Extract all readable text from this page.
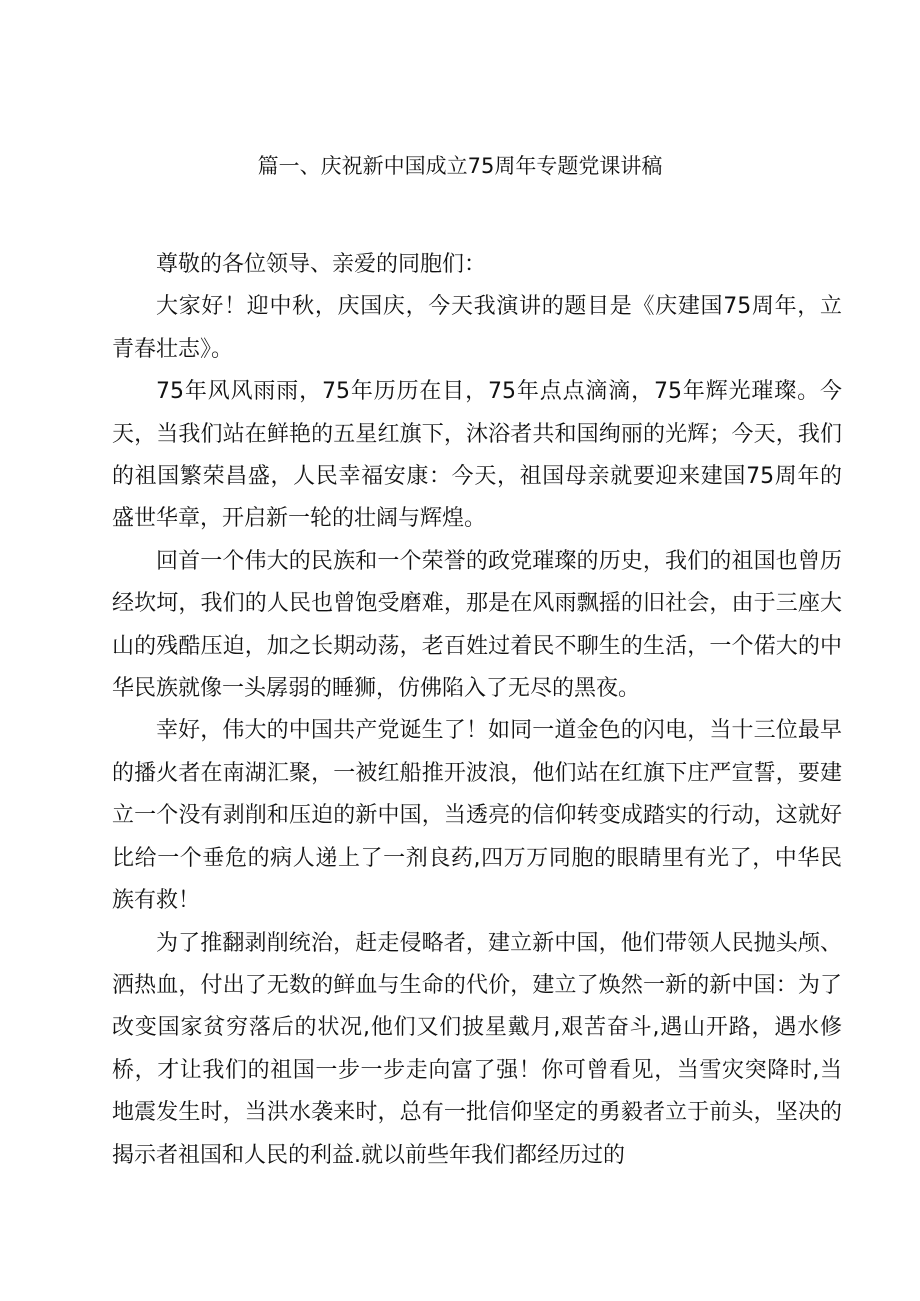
篇一、庆祝新中国成立75周年专题党课讲稿

尊敬的各位领导、亲爱的同胞们：

大家好！迎中秋，庆国庆，今天我演讲的题目是《庆建国75周年，立青春壮志》。

75年风风雨雨，75年历历在目，75年点点滴滴，75年辉光璀璨。今天，当我们站在鲜艳的五星红旗下，沐浴者共和国绚丽的光辉；今天，我们的祖国繁荣昌盛，人民幸福安康：今天，祖国母亲就要迎来建国75周年的盛世华章，开启新一轮的壮阔与辉煌。

回首一个伟大的民族和一个荣誉的政党璀璨的历史，我们的祖国也曾历经坎坷，我们的人民也曾饱受磨难，那是在风雨飘摇的旧社会，由于三座大山的残酷压迫，加之长期动荡，老百姓过着民不聊生的生活，一个偌大的中华民族就像一头孱弱的睡狮，仿佛陷入了无尽的黑夜。

幸好，伟大的中国共产党诞生了！如同一道金色的闪电，当十三位最早的播火者在南湖汇聚，一被红船推开波浪，他们站在红旗下庄严宣誓，要建立一个没有剥削和压迫的新中国，当透亮的信仰转变成踏实的行动，这就好比给一个垂危的病人递上了一剂良药,四万万同胞的眼睛里有光了，中华民族有救！

为了推翻剥削统治，赶走侵略者，建立新中国，他们带领人民抛头颅、洒热血，付出了无数的鲜血与生命的代价，建立了焕然一新的新中国：为了改变国家贫穷落后的状况,他们又们披星戴月,艰苦奋斗,遇山开路，遇水修桥，才让我们的祖国一步一步走向富了强！你可曾看见，当雪灾突降时,当地震发生时，当洪水袭来时，总有一批信仰坚定的勇毅者立于前头，坚决的揭示者祖国和人民的利益.就以前些年我们都经历过的
